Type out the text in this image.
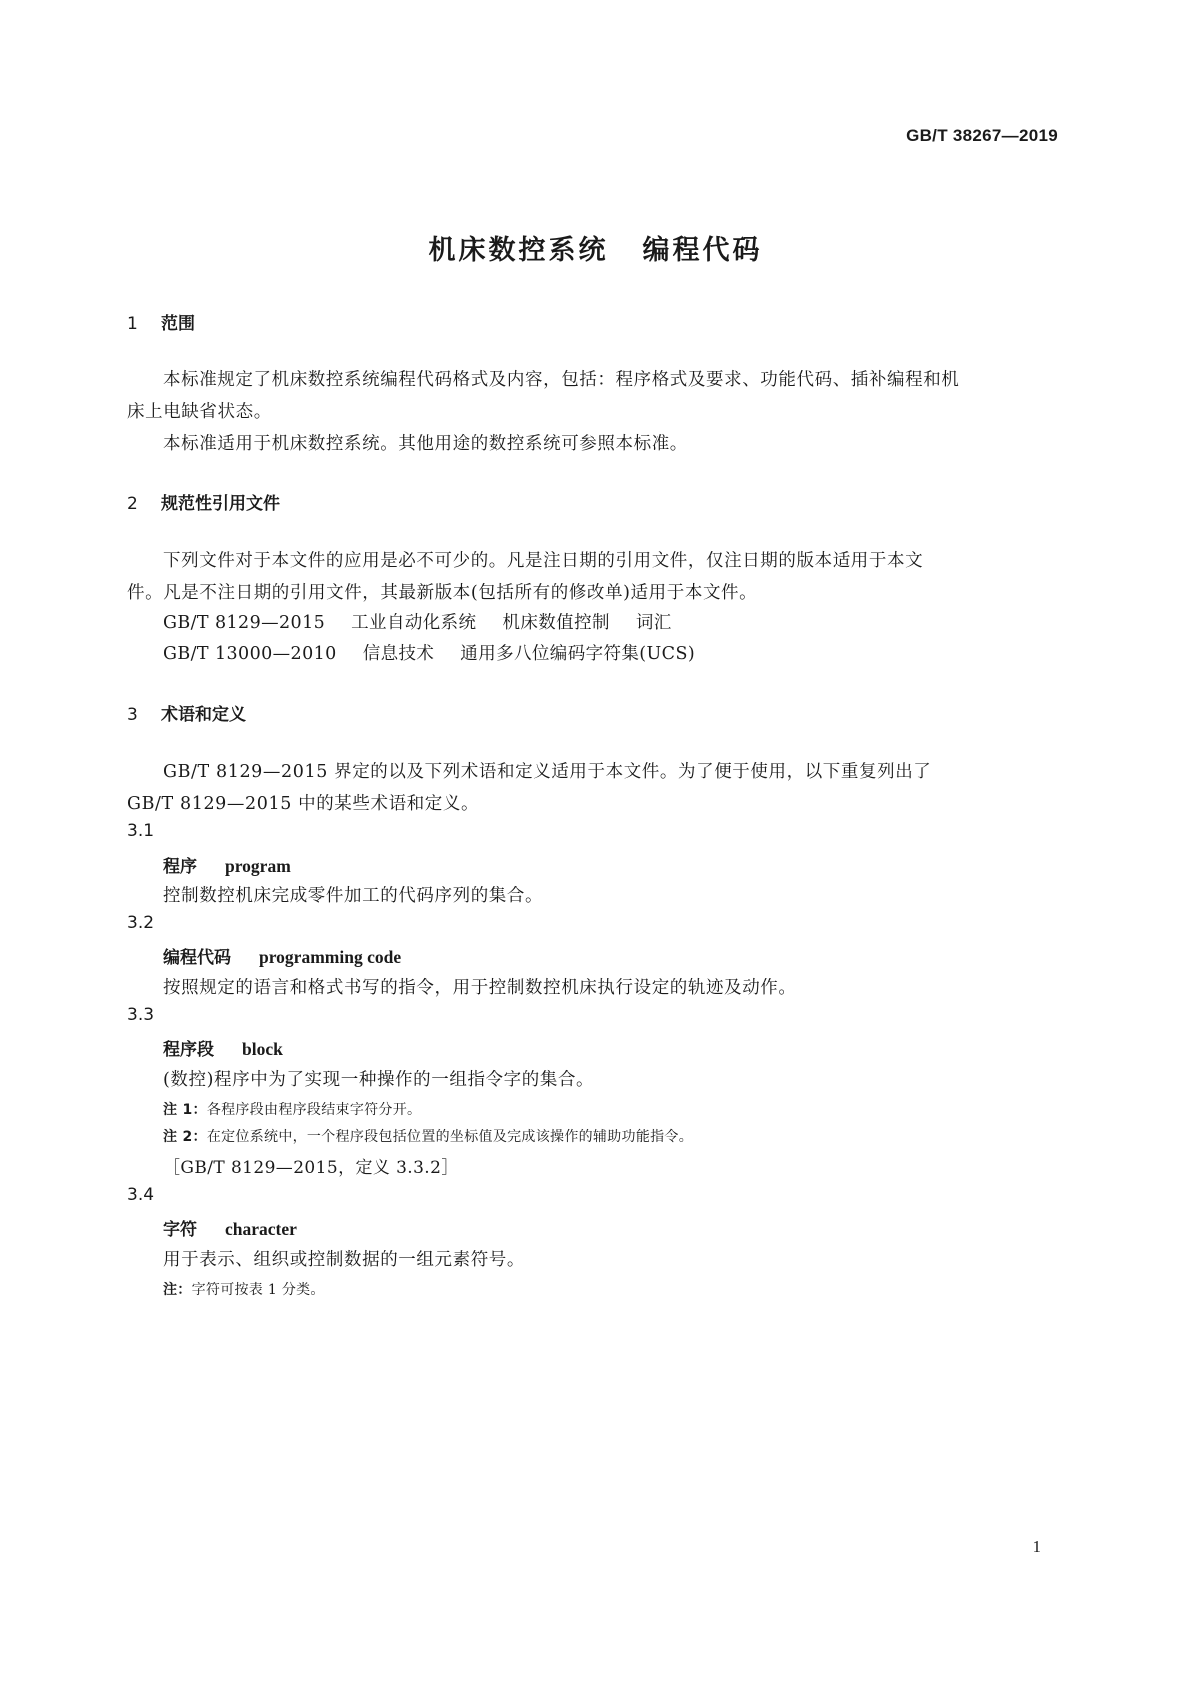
GB/T 38267—2019
机床数控系统 编程代码
1 范围
本标准规定了机床数控系统编程代码格式及内容，包括：程序格式及要求、功能代码、插补编程和机
床上电缺省状态。
本标准适用于机床数控系统。其他用途的数控系统可参照本标准。
2 规范性引用文件
下列文件对于本文件的应用是必不可少的。凡是注日期的引用文件，仅注日期的版本适用于本文
件。凡是不注日期的引用文件，其最新版本(包括所有的修改单)适用于本文件。
GB/T 8129—2015 工业自动化系统 机床数值控制 词汇
GB/T 13000—2010 信息技术 通用多八位编码字符集(UCS)
3 术语和定义
GB/T 8129—2015 界定的以及下列术语和定义适用于本文件。为了便于使用，以下重复列出了
GB/T 8129—2015 中的某些术语和定义。
3.1
程序 program
控制数控机床完成零件加工的代码序列的集合。
3.2
编程代码 programming code
按照规定的语言和格式书写的指令，用于控制数控机床执行设定的轨迹及动作。
3.3
程序段 block
(数控)程序中为了实现一种操作的一组指令字的集合。
注 1：各程序段由程序段结束字符分开。
注 2：在定位系统中，一个程序段包括位置的坐标值及完成该操作的辅助功能指令。
［GB/T 8129—2015，定义 3.3.2］
3.4
字符 character
用于表示、组织或控制数据的一组元素符号。
注：字符可按表 1 分类。
1
